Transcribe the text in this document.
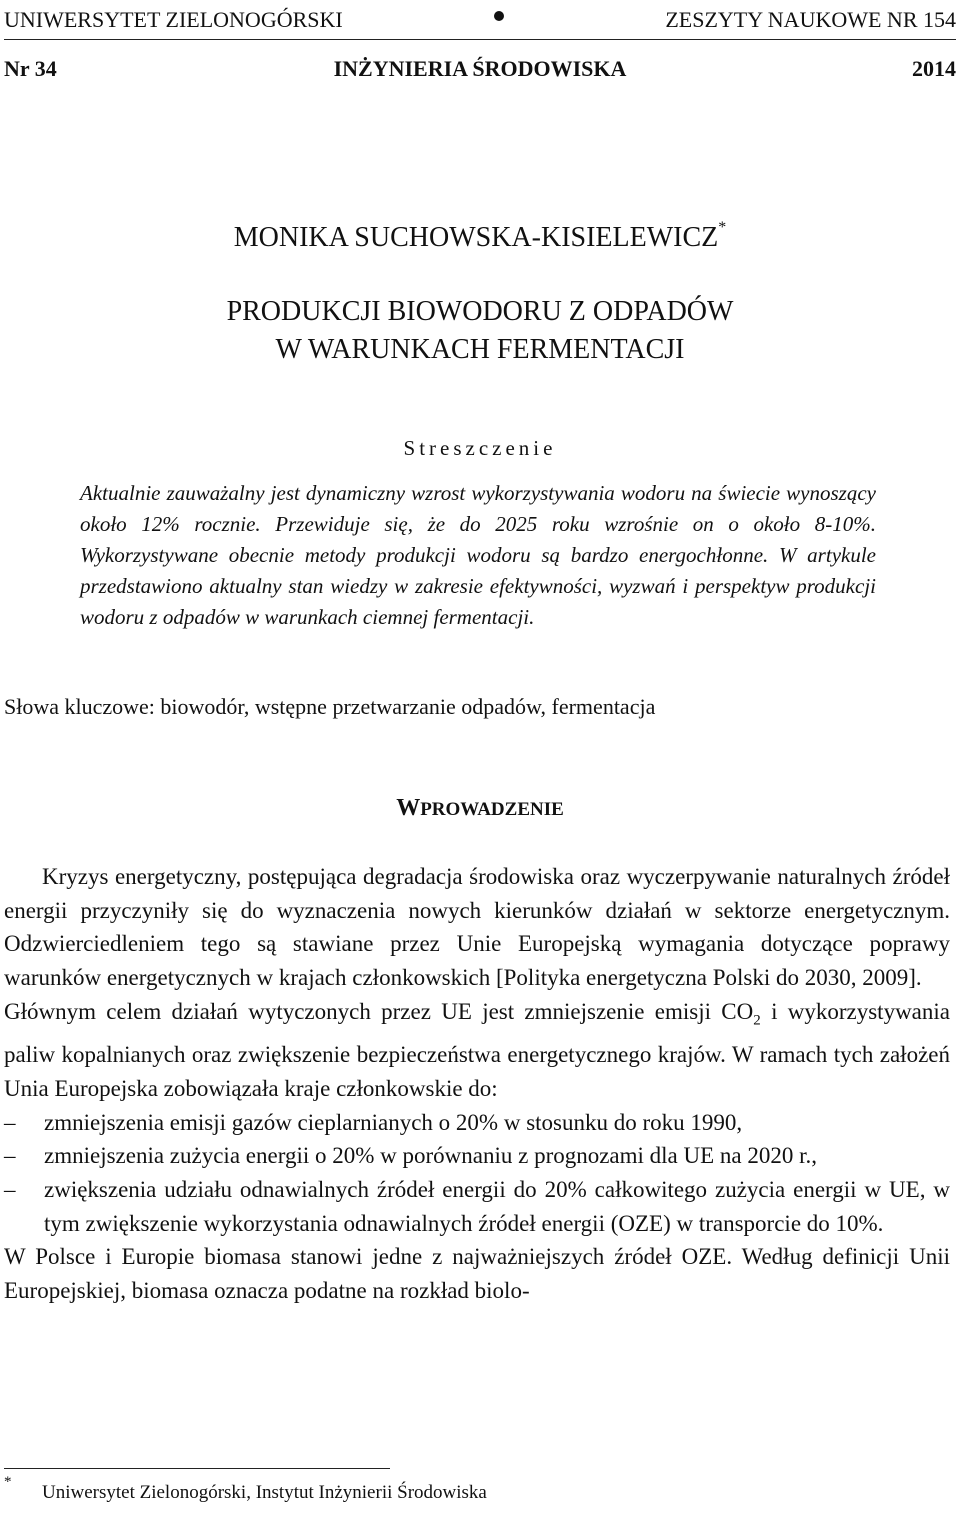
UNIWERSYTET ZIELONOGÓRSKI	ZESZYTY NAUKOWE NR 154
Nr 34	INŻYNIERIA ŚRODOWISKA	2014
MONIKA SUCHOWSKA-KISIELEWICZ*
PRODUKCJI BIOWODORU Z ODPADÓW
W WARUNKACH FERMENTACJI
Streszczenie
Aktualnie zauważalny jest dynamiczny wzrost wykorzystywania wodoru na świecie wynoszący około 12% rocznie. Przewiduje się, że do 2025 roku wzrośnie on o około 8-10%. Wykorzystywane obecnie metody produkcji wodoru są bardzo energochłonne. W artykule przedstawiono aktualny stan wiedzy w zakresie efektywności, wyzwań i perspektyw produkcji wodoru z odpadów w warunkach ciemnej fermentacji.
Słowa kluczowe: biowodór, wstępne przetwarzanie odpadów, fermentacja
WPROWADZENIE

Kryzys energetyczny, postępująca degradacja środowiska oraz wyczerpywanie naturalnych źródeł energii przyczyniły się do wyznaczenia nowych kierunków działań w sektorze energetycznym. Odzwierciedleniem tego są stawiane przez Unie Europejską wymagania dotyczące poprawy warunków energetycznych w krajach członkowskich [Polityka energetyczna Polski do 2030, 2009].

Głównym celem działań wytyczonych przez UE jest zmniejszenie emisji $CO_2$ i wykorzystywania paliw kopalnianych oraz zwiększenie bezpieczeństwa energetycznego krajów. W ramach tych założeń Unia Europejska zobowiązała kraje członkowskie do:

– zmniejszenia emisji gazów cieplarnianych o 20% w stosunku do roku 1990,
– zmniejszenia zużycia energii o 20% w porównaniu z prognozami dla UE na 2020 r.,
– zwiększenia udziału odnawialnych źródeł energii do 20% całkowitego zużycia energii w UE, w tym zwiększenie wykorzystania odnawialnych źródeł energii (OZE) w transporcie do 10%.

W Polsce i Europie biomasa stanowi jedne z najważniejszych źródeł OZE. Według definicji Unii Europejskiej, biomasa oznacza podatne na rozkład biolo-

* Uniwersytet Zielonogórski, Instytut Inżynierii Środowiska
